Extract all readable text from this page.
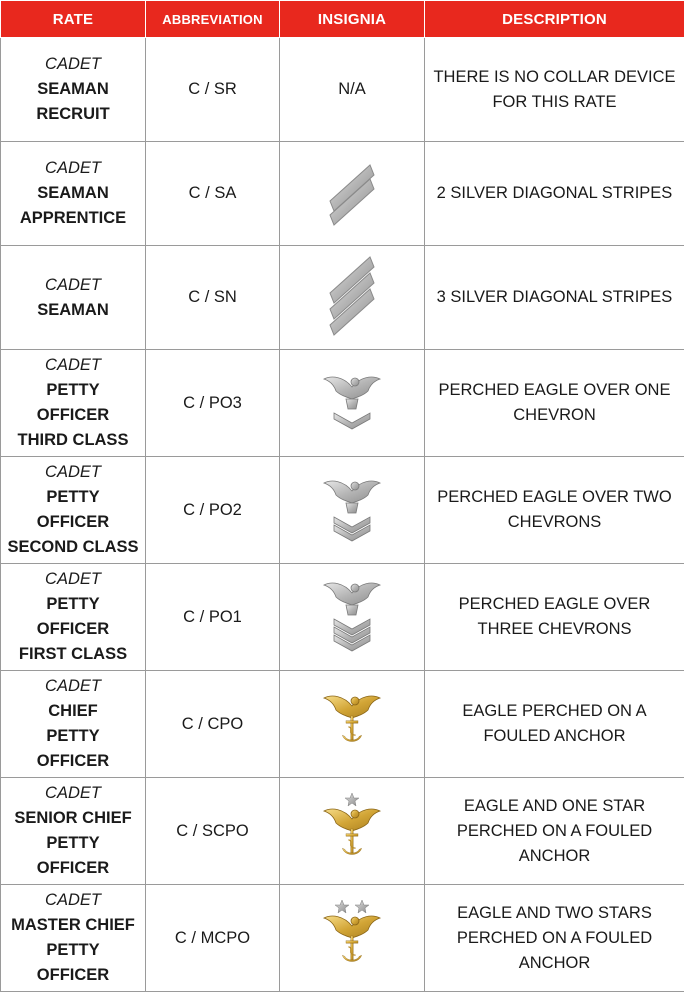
RATE	ABBREVIATION	INSIGNIA	DESCRIPTION

CADET
SEAMAN
RECRUIT	C / SR	N/A	THERE IS NO COLLAR DEVICE
FOR THIS RATE

CADET
SEAMAN
APPRENTICE	C / SA		2 SILVER DIAGONAL STRIPES

CADET
SEAMAN	C / SN		3 SILVER DIAGONAL STRIPES

CADET
PETTY
OFFICER
THIRD CLASS	C / PO3		PERCHED EAGLE OVER ONE
CHEVRON

CADET
PETTY
OFFICER
SECOND CLASS	C / PO2		PERCHED EAGLE OVER TWO
CHEVRONS

CADET
PETTY
OFFICER
FIRST CLASS	C / PO1		PERCHED EAGLE OVER
THREE CHEVRONS

CADET
CHIEF
PETTY
OFFICER	C / CPO		EAGLE PERCHED ON A
FOULED ANCHOR

CADET
SENIOR CHIEF
PETTY
OFFICER	C / SCPO		EAGLE AND ONE STAR
PERCHED ON A FOULED
ANCHOR

CADET
MASTER CHIEF
PETTY
OFFICER	C / MCPO		EAGLE AND TWO STARS
PERCHED ON A FOULED
ANCHOR
